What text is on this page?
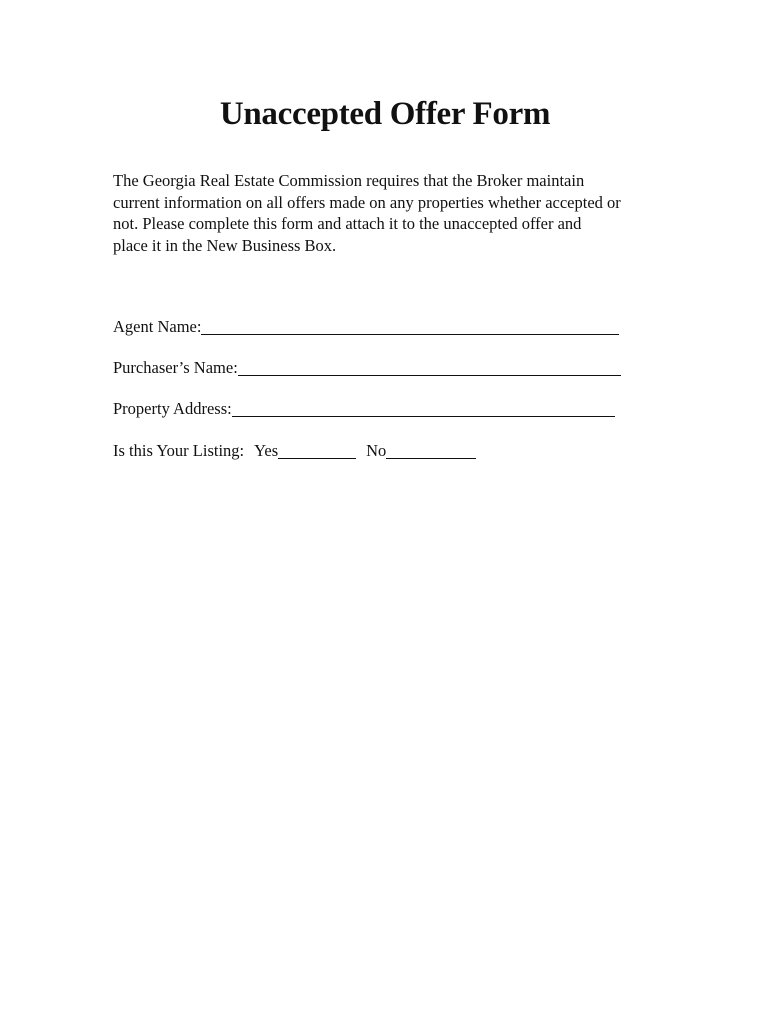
Unaccepted Offer Form
The Georgia Real Estate Commission requires that the Broker maintain
current information on all offers made on any properties whether accepted or
not. Please complete this form and attach it to the unaccepted offer and
place it in the New Business Box.
Agent Name:
Purchaser’s Name:
Property Address:
Is this Your Listing: Yes	No
